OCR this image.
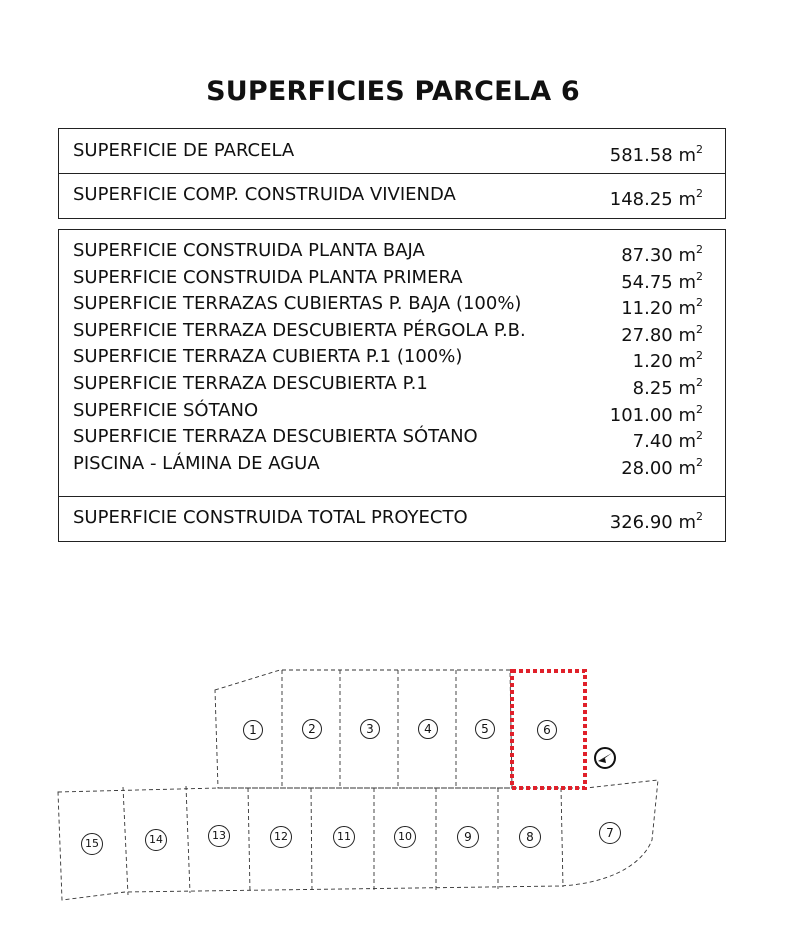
SUPERFICIES PARCELA 6
SUPERFICIE DE PARCELA	581.58 $m^2$
SUPERFICIE COMP. CONSTRUIDA VIVIENDA	148.25 $m^2$
SUPERFICIE CONSTRUIDA PLANTA BAJA	87.30 $m^2$
SUPERFICIE CONSTRUIDA PLANTA PRIMERA	54.75 $m^2$
SUPERFICIE TERRAZAS CUBIERTAS P. BAJA (100%)	11.20 $m^2$
SUPERFICIE TERRAZA DESCUBIERTA PÉRGOLA P.B.	27.80 $m^2$
SUPERFICIE TERRAZA CUBIERTA P.1 (100%)	1.20 $m^2$
SUPERFICIE TERRAZA DESCUBIERTA P.1	8.25 $m^2$
SUPERFICIE SÓTANO	101.00 $m^2$
SUPERFICIE TERRAZA DESCUBIERTA SÓTANO	7.40 $m^2$
PISCINA - LÁMINA DE AGUA	28.00 $m^2$
SUPERFICIE CONSTRUIDA TOTAL PROYECTO	326.90 $m^2$
1	2	3	4	5	6
15	14	13	12	11	10	9	8	7
